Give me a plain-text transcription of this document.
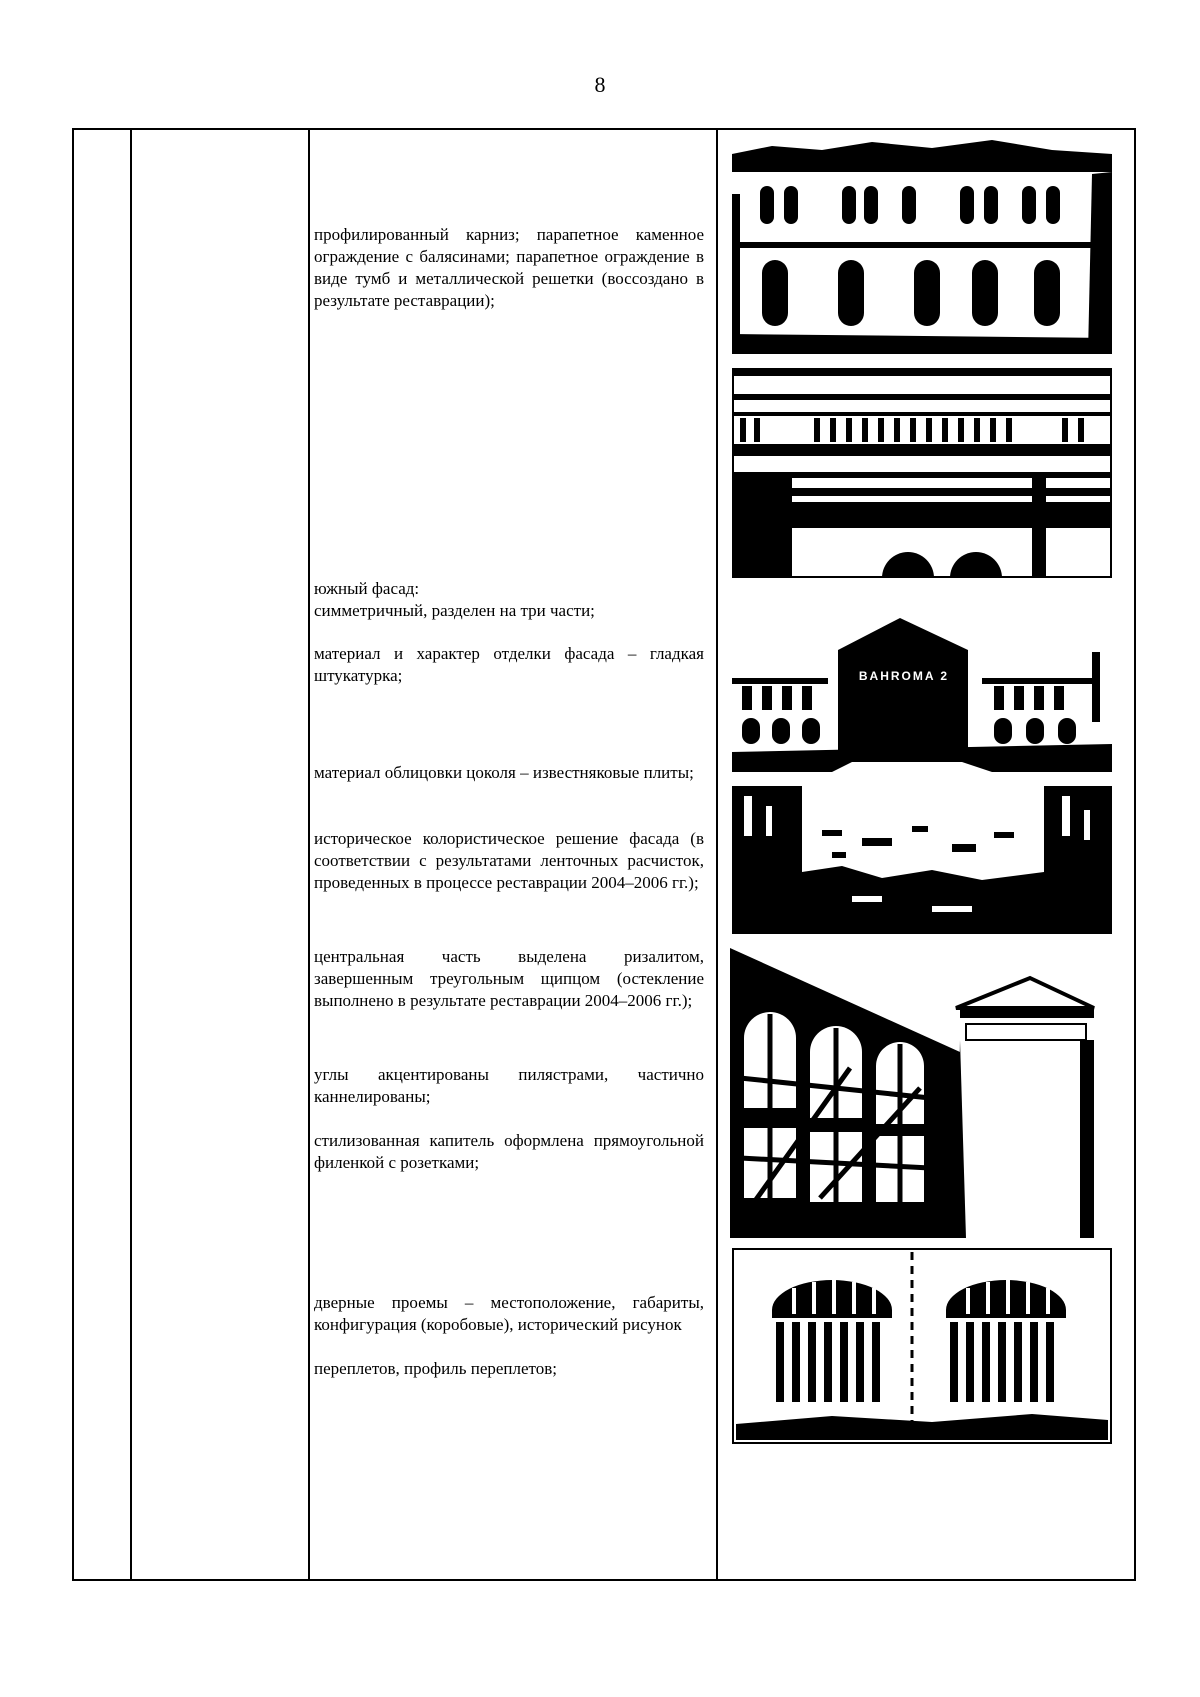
8
профилированный карниз; парапетное каменное ограждение с балясинами; парапетное ограждение в виде тумб и металлической решетки (воссоздано в результате реставрации);
южный фасад:
симметричный, разделен на три части;
материал и характер отделки фасада – гладкая штукатурка;
материал облицовки цоколя – известняковые плиты;
историческое колористическое решение фасада (в соответствии с результатами ленточных расчисток, проведенных в процессе реставрации 2004–2006 гг.);
центральная часть выделена ризалитом, завершенным треугольным щипцом (остекление выполнено в результате реставрации 2004–2006 гг.);
углы акцентированы пилястрами, частично каннелированы;
стилизованная капитель оформлена прямоугольной филенкой с розетками;
дверные проемы – местоположение, габариты, конфигурация (коробовые), исторический рисунок
переплетов, профиль переплетов;
BAHROMA 2
